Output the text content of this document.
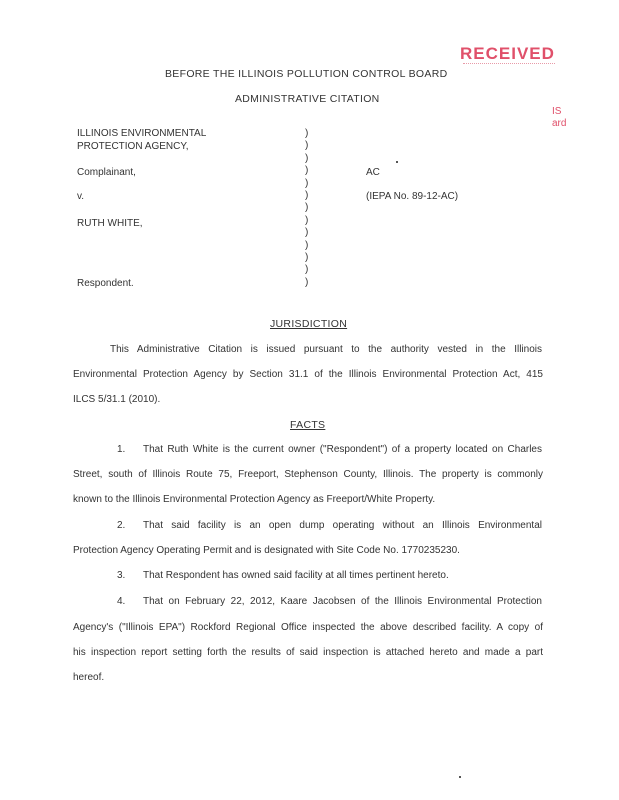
RECEIVED
IS
ard
BEFORE THE ILLINOIS POLLUTION CONTROL BOARD
ADMINISTRATIVE CITATION
ILLINOIS ENVIRONMENTAL
PROTECTION AGENCY,
Complainant,
v.
RUTH WHITE,
Respondent.
)
)
)
)
)
)
)
)
)
)
)
)
)
AC
(IEPA No. 89-12-AC)
JURISDICTION
This Administrative Citation is issued pursuant to the authority vested in the Illinois
Environmental Protection Agency by Section 31.1 of the Illinois Environmental Protection Act, 415
ILCS 5/31.1 (2010).
FACTS
1. That Ruth White is the current owner ("Respondent") of a property located on Charles
Street, south of Illinois Route 75, Freeport, Stephenson County, Illinois. The property is commonly
known to the Illinois Environmental Protection Agency as Freeport/White Property.
2. That said facility is an open dump operating without an Illinois Environmental
Protection Agency Operating Permit and is designated with Site Code No. 1770235230.
3. That Respondent has owned said facility at all times pertinent hereto.
4. That on February 22, 2012, Kaare Jacobsen of the Illinois Environmental Protection
Agency's ("Illinois EPA") Rockford Regional Office inspected the above described facility. A copy of
his inspection report setting forth the results of said inspection is attached hereto and made a part
hereof.
